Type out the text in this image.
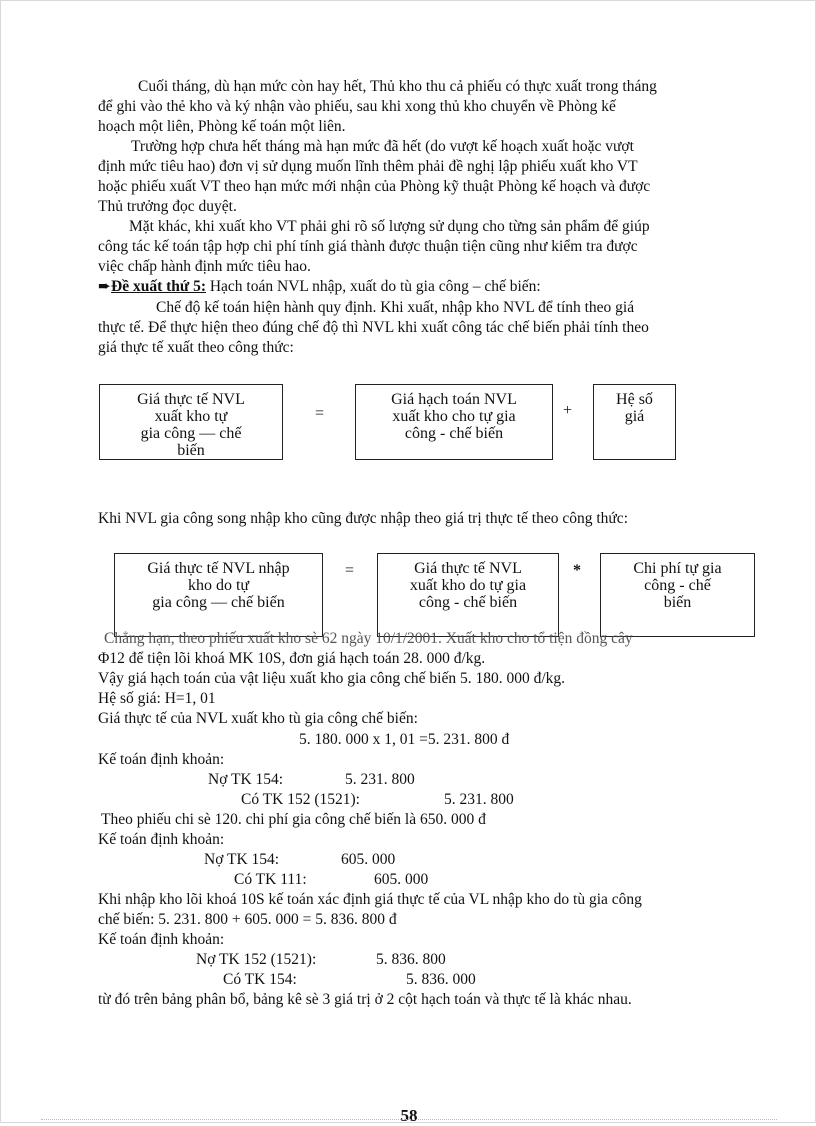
Cuối tháng, dù hạn mức còn hay hết, Thủ kho thu cả phiếu có thực xuất trong tháng
để ghi vào thẻ kho và ký nhận vào phiếu, sau khi xong thủ kho chuyển về Phòng kế
hoạch một liên, Phòng kế toán một liên.
Trường hợp chưa hết tháng mà hạn mức đã hết (do vượt kế hoạch xuất hoặc vượt
định mức tiêu hao) đơn vị sử dụng muốn lĩnh thêm phải đề nghị lập phiếu xuất kho VT
hoặc phiếu xuất VT theo hạn mức mới nhận của Phòng kỹ thuật Phòng kế hoạch và được
Thủ trưởng đọc duyệt.
Mặt khác, khi xuất kho VT phải ghi rõ số lượng sử dụng cho từng sản phẩm để giúp
công tác kế toán tập hợp chi phí tính giá thành được thuận tiện cũng như kiểm tra được
việc chấp hành định mức tiêu hao.
➨Đề xuất thứ 5: Hạch toán NVL nhập, xuất do tù gia công – chế biến:
Chế độ kế toán hiện hành quy định. Khi xuất, nhập kho NVL để tính theo giá
thực tế. Để thực hiện theo đúng chế độ thì NVL khi xuất công tác chế biến phải tính theo
giá thực tế xuất theo công thức:
Giá thực tế NVL
xuất kho tự
gia công — chế
biến
=
Giá hạch toán NVL
xuất kho cho tự gia
công - chế biến
+
Hệ số
giá
Khi NVL gia công song nhập kho cũng được nhập theo giá trị thực tế theo công thức:
Giá thực tế NVL nhập
kho do tự
gia công — chế biến
=	Giá thực tế NVL
xuất kho do tự gia
công - chế biến
*	Chi phí tự gia
công - chế
biến
Chẳng hạn, theo phiếu xuất kho sè 62 ngày 10/1/2001. Xuất kho cho tổ tiện đồng cây
Φ12 để tiện lõi khoá MK 10S, đơn giá hạch toán 28. 000 đ/kg.
Vậy giá hạch toán của vật liệu xuất kho gia công chế biến 5. 180. 000 đ/kg.
Hệ số giá: H=1, 01
Giá thực tế của NVL xuất kho tù gia công chế biến:
5. 180. 000 x 1, 01 =5. 231. 800 đ
Kế toán định khoản:
Nợ TK 154:	5. 231. 800
Có TK 152 (1521):	5. 231. 800
Theo phiếu chi sè 120. chi phí gia công chế biến là 650. 000 đ
Kế toán định khoản:
Nợ TK 154:	605. 000
Có TK 111:	605. 000
Khi nhập kho lõi khoá 10S kế toán xác định giá thực tế của VL nhập kho do tù gia công
chế biến: 5. 231. 800 + 605. 000 = 5. 836. 800 đ
Kế toán định khoản:
Nợ TK 152 (1521):	5. 836. 800
Có TK 154:	5. 836. 000
từ đó trên bảng phân bổ, bảng kê sè 3 giá trị ở 2 cột hạch toán và thực tế là khác nhau.
58
